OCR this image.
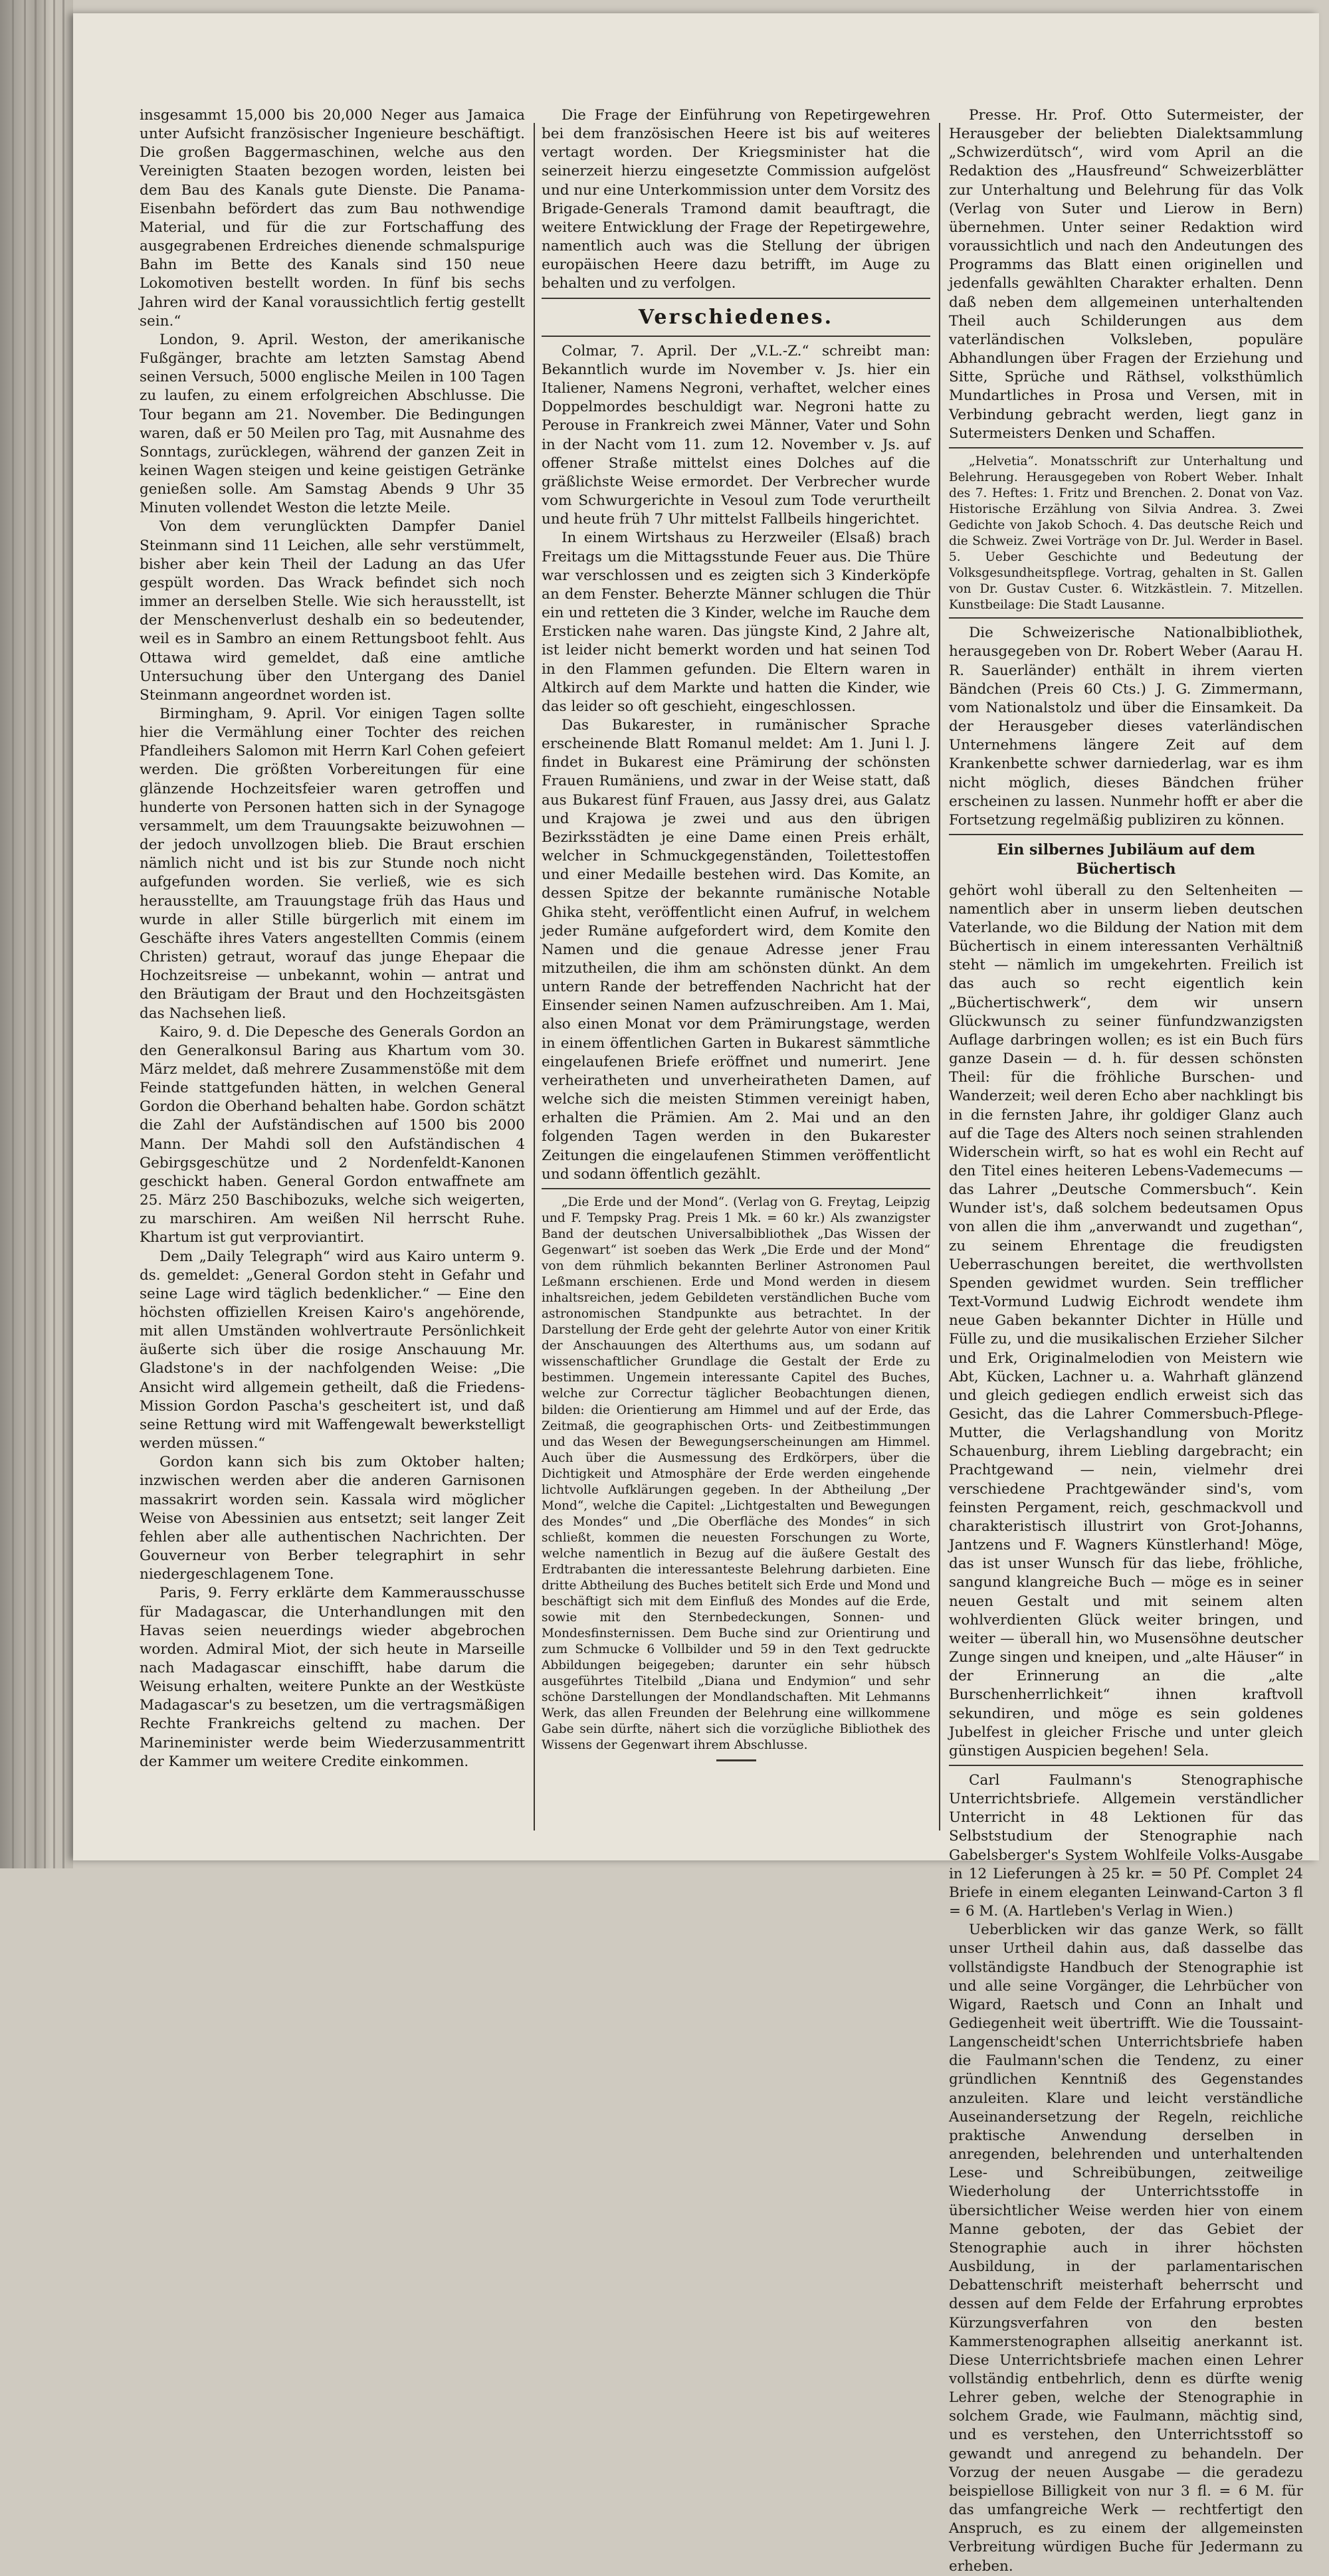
insgesammt 15,000 bis 20,000 Neger aus Jamaica unter Aufsicht französischer Ingenieure beschäftigt. Die großen Baggermaschinen, welche aus den Vereinigten Staaten bezogen worden, leisten bei dem Bau des Kanals gute Dienste. Die Panama-Eisenbahn befördert das zum Bau nothwendige Material, und für die zur Fortschaffung des ausgegrabenen Erdreiches dienende schmalspurige Bahn im Bette des Kanals sind 150 neue Lokomotiven bestellt worden. In fünf bis sechs Jahren wird der Kanal voraussichtlich fertig gestellt sein.“

London, 9. April. Weston, der amerikanische Fußgänger, brachte am letzten Samstag Abend seinen Versuch, 5000 englische Meilen in 100 Tagen zu laufen, zu einem erfolgreichen Abschlusse. Die Tour begann am 21. November. Die Bedingungen waren, daß er 50 Meilen pro Tag, mit Ausnahme des Sonntags, zurücklegen, während der ganzen Zeit in keinen Wagen steigen und keine geistigen Getränke genießen solle. Am Samstag Abends 9 Uhr 35 Minuten vollendet Weston die letzte Meile.

Von dem verunglückten Dampfer Daniel Steinmann sind 11 Leichen, alle sehr verstümmelt, bisher aber kein Theil der Ladung an das Ufer gespült worden. Das Wrack befindet sich noch immer an derselben Stelle. Wie sich herausstellt, ist der Menschenverlust deshalb ein so bedeutender, weil es in Sambro an einem Rettungsboot fehlt. Aus Ottawa wird gemeldet, daß eine amtliche Untersuchung über den Untergang des Daniel Steinmann angeordnet worden ist.

Birmingham, 9. April. Vor einigen Tagen sollte hier die Vermählung einer Tochter des reichen Pfandleihers Salomon mit Herrn Karl Cohen gefeiert werden. Die größten Vorbereitungen für eine glänzende Hochzeitsfeier waren getroffen und hunderte von Personen hatten sich in der Synagoge versammelt, um dem Trauungsakte beizuwohnen — der jedoch unvollzogen blieb. Die Braut erschien nämlich nicht und ist bis zur Stunde noch nicht aufgefunden worden. Sie verließ, wie es sich herausstellte, am Trauungstage früh das Haus und wurde in aller Stille bürgerlich mit einem im Geschäfte ihres Vaters angestellten Commis (einem Christen) getraut, worauf das junge Ehepaar die Hochzeitsreise — unbekannt, wohin — antrat und den Bräutigam der Braut und den Hochzeitsgästen das Nachsehen ließ.

Kairo, 9. d. Die Depesche des Generals Gordon an den Generalkonsul Baring aus Khartum vom 30. März meldet, daß mehrere Zusammenstöße mit dem Feinde stattgefunden hätten, in welchen General Gordon die Oberhand behalten habe. Gordon schätzt die Zahl der Aufständischen auf 1500 bis 2000 Mann. Der Mahdi soll den Aufständischen 4 Gebirgsgeschütze und 2 Nordenfeldt-Kanonen geschickt haben. General Gordon entwaffnete am 25. März 250 Baschibozuks, welche sich weigerten, zu marschiren. Am weißen Nil herrscht Ruhe. Khartum ist gut verproviantirt.

Dem „Daily Telegraph“ wird aus Kairo unterm 9. ds. gemeldet: „General Gordon steht in Gefahr und seine Lage wird täglich bedenklicher.“ — Eine den höchsten offiziellen Kreisen Kairo's angehörende, mit allen Umständen wohlvertraute Persönlichkeit äußerte sich über die rosige Anschauung Mr. Gladstone's in der nachfolgenden Weise: „Die Ansicht wird allgemein getheilt, daß die Friedens-Mission Gordon Pascha's gescheitert ist, und daß seine Rettung wird mit Waffengewalt bewerkstelligt werden müssen.“

Gordon kann sich bis zum Oktober halten; inzwischen werden aber die anderen Garnisonen massakrirt worden sein. Kassala wird möglicher Weise von Abessinien aus entsetzt; seit langer Zeit fehlen aber alle authentischen Nachrichten. Der Gouverneur von Berber telegraphirt in sehr niedergeschlagenem Tone.

Paris, 9. Ferry erklärte dem Kammerausschusse für Madagascar, die Unterhandlungen mit den Havas seien neuerdings wieder abgebrochen worden. Admiral Miot, der sich heute in Marseille nach Madagascar einschifft, habe darum die Weisung erhalten, weitere Punkte an der Westküste Madagascar's zu besetzen, um die vertragsmäßigen Rechte Frankreichs geltend zu machen. Der Marineminister werde beim Wiederzusammentritt der Kammer um weitere Credite einkommen.

Die Frage der Einführung von Repetirgewehren bei dem französischen Heere ist bis auf weiteres vertagt worden. Der Kriegsminister hat die seinerzeit hierzu eingesetzte Commission aufgelöst und nur eine Unterkommission unter dem Vorsitz des Brigade-Generals Tramond damit beauftragt, die weitere Entwicklung der Frage der Repetirgewehre, namentlich auch was die Stellung der übrigen europäischen Heere dazu betrifft, im Auge zu behalten und zu verfolgen.

Verschiedenes.

Colmar, 7. April. Der „V.L.-Z.“ schreibt man: Bekanntlich wurde im November v. Js. hier ein Italiener, Namens Negroni, verhaftet, welcher eines Doppelmordes beschuldigt war. Negroni hatte zu Perouse in Frankreich zwei Männer, Vater und Sohn in der Nacht vom 11. zum 12. November v. Js. auf offener Straße mittelst eines Dolches auf die gräßlichste Weise ermordet. Der Verbrecher wurde vom Schwurgerichte in Vesoul zum Tode verurtheilt und heute früh 7 Uhr mittelst Fallbeils hingerichtet.

In einem Wirtshaus zu Herzweiler (Elsaß) brach Freitags um die Mittagsstunde Feuer aus. Die Thüre war verschlossen und es zeigten sich 3 Kinderköpfe an dem Fenster. Beherzte Männer schlugen die Thür ein und retteten die 3 Kinder, welche im Rauche dem Ersticken nahe waren. Das jüngste Kind, 2 Jahre alt, ist leider nicht bemerkt worden und hat seinen Tod in den Flammen gefunden. Die Eltern waren in Altkirch auf dem Markte und hatten die Kinder, wie das leider so oft geschieht, eingeschlossen.

Das Bukarester, in rumänischer Sprache erscheinende Blatt Romanul meldet: Am 1. Juni l. J. findet in Bukarest eine Prämirung der schönsten Frauen Rumäniens, und zwar in der Weise statt, daß aus Bukarest fünf Frauen, aus Jassy drei, aus Galatz und Krajowa je zwei und aus den übrigen Bezirksstädten je eine Dame einen Preis erhält, welcher in Schmuckgegenständen, Toilettestoffen und einer Medaille bestehen wird. Das Komite, an dessen Spitze der bekannte rumänische Notable Ghika steht, veröffentlicht einen Aufruf, in welchem jeder Rumäne aufgefordert wird, dem Komite den Namen und die genaue Adresse jener Frau mitzutheilen, die ihm am schönsten dünkt. An dem untern Rande der betreffenden Nachricht hat der Einsender seinen Namen aufzuschreiben. Am 1. Mai, also einen Monat vor dem Prämirungstage, werden in einem öffentlichen Garten in Bukarest sämmtliche eingelaufenen Briefe eröffnet und numerirt. Jene verheiratheten und unverheiratheten Damen, auf welche sich die meisten Stimmen vereinigt haben, erhalten die Prämien. Am 2. Mai und an den folgenden Tagen werden in den Bukarester Zeitungen die eingelaufenen Stimmen veröffentlicht und sodann öffentlich gezählt.

„Die Erde und der Mond“. (Verlag von G. Freytag, Leipzig und F. Tempsky Prag. Preis 1 Mk. = 60 kr.) Als zwanzigster Band der deutschen Universalbibliothek „Das Wissen der Gegenwart“ ist soeben das Werk „Die Erde und der Mond“ von dem rühmlich bekannten Berliner Astronomen Paul Leßmann erschienen. Erde und Mond werden in diesem inhaltsreichen, jedem Gebildeten verständlichen Buche vom astronomischen Standpunkte aus betrachtet. In der Darstellung der Erde geht der gelehrte Autor von einer Kritik der Anschauungen des Alterthums aus, um sodann auf wissenschaftlicher Grundlage die Gestalt der Erde zu bestimmen. Ungemein interessante Capitel des Buches, welche zur Correctur täglicher Beobachtungen dienen, bilden: die Orientierung am Himmel und auf der Erde, das Zeitmaß, die geographischen Orts- und Zeitbestimmungen und das Wesen der Bewegungserscheinungen am Himmel. Auch über die Ausmessung des Erdkörpers, über die Dichtigkeit und Atmosphäre der Erde werden eingehende lichtvolle Aufklärungen gegeben. In der Abtheilung „Der Mond“, welche die Capitel: „Lichtgestalten und Bewegungen des Mondes“ und „Die Oberfläche des Mondes“ in sich schließt, kommen die neuesten Forschungen zu Worte, welche namentlich in Bezug auf die äußere Gestalt des Erdtrabanten die interessanteste Belehrung darbieten. Eine dritte Abtheilung des Buches betitelt sich Erde und Mond und beschäftigt sich mit dem Einfluß des Mondes auf die Erde, sowie mit den Sternbedeckungen, Sonnen- und Mondesfinsternissen. Dem Buche sind zur Orientirung und zum Schmucke 6 Vollbilder und 59 in den Text gedruckte Abbildungen beigegeben; darunter ein sehr hübsch ausgeführtes Titelbild „Diana und Endymion“ und sehr schöne Darstellungen der Mondlandschaften. Mit Lehmanns Werk, das allen Freunden der Belehrung eine willkommene Gabe sein dürfte, nähert sich die vorzügliche Bibliothek des Wissens der Gegenwart ihrem Abschlusse.

Presse. Hr. Prof. Otto Sutermeister, der Herausgeber der beliebten Dialektsammlung „Schwizerdütsch“, wird vom April an die Redaktion des „Hausfreund“ Schweizerblätter zur Unterhaltung und Belehrung für das Volk (Verlag von Suter und Lierow in Bern) übernehmen. Unter seiner Redaktion wird voraussichtlich und nach den Andeutungen des Programms das Blatt einen originellen und jedenfalls gewählten Charakter erhalten. Denn daß neben dem allgemeinen unterhaltenden Theil auch Schilderungen aus dem vaterländischen Volksleben, populäre Abhandlungen über Fragen der Erziehung und Sitte, Sprüche und Räthsel, volksthümlich Mundartliches in Prosa und Versen, mit in Verbindung gebracht werden, liegt ganz in Sutermeisters Denken und Schaffen.

„Helvetia“. Monatsschrift zur Unterhaltung und Belehrung. Herausgegeben von Robert Weber. Inhalt des 7. Heftes: 1. Fritz und Brenchen. 2. Donat von Vaz. Historische Erzählung von Silvia Andrea. 3. Zwei Gedichte von Jakob Schoch. 4. Das deutsche Reich und die Schweiz. Zwei Vorträge von Dr. Jul. Werder in Basel. 5. Ueber Geschichte und Bedeutung der Volksgesundheitspflege. Vortrag, gehalten in St. Gallen von Dr. Gustav Custer. 6. Witzkästlein. 7. Mitzellen. Kunstbeilage: Die Stadt Lausanne.

Die Schweizerische Nationalbibliothek, herausgegeben von Dr. Robert Weber (Aarau H. R. Sauerländer) enthält in ihrem vierten Bändchen (Preis 60 Cts.) J. G. Zimmermann, vom Nationalstolz und über die Einsamkeit. Da der Herausgeber dieses vaterländischen Unternehmens längere Zeit auf dem Krankenbette schwer darniederlag, war es ihm nicht möglich, dieses Bändchen früher erscheinen zu lassen. Nunmehr hofft er aber die Fortsetzung regelmäßig publiziren zu können.

Ein silbernes Jubiläum auf dem Büchertisch

gehört wohl überall zu den Seltenheiten — namentlich aber in unserm lieben deutschen Vaterlande, wo die Bildung der Nation mit dem Büchertisch in einem interessanten Verhältniß steht — nämlich im umgekehrten. Freilich ist das auch so recht eigentlich kein „Büchertischwerk“, dem wir unsern Glückwunsch zu seiner fünfundzwanzigsten Auflage darbringen wollen; es ist ein Buch fürs ganze Dasein — d. h. für dessen schönsten Theil: für die fröhliche Burschen- und Wanderzeit; weil deren Echo aber nachklingt bis in die fernsten Jahre, ihr goldiger Glanz auch auf die Tage des Alters noch seinen strahlenden Widerschein wirft, so hat es wohl ein Recht auf den Titel eines heiteren Lebens-Vademecums — das Lahrer „Deutsche Commersbuch“. Kein Wunder ist's, daß solchem bedeutsamen Opus von allen die ihm „anverwandt und zugethan“, zu seinem Ehrentage die freudigsten Ueberraschungen bereitet, die werthvollsten Spenden gewidmet wurden. Sein trefflicher Text-Vormund Ludwig Eichrodt wendete ihm neue Gaben bekannter Dichter in Hülle und Fülle zu, und die musikalischen Erzieher Silcher und Erk, Originalmelodien von Meistern wie Abt, Kücken, Lachner u. a. Wahrhaft glänzend und gleich gediegen endlich erweist sich das Gesicht, das die Lahrer Commersbuch-Pflege-Mutter, die Verlagshandlung von Moritz Schauenburg, ihrem Liebling dargebracht; ein Prachtgewand — nein, vielmehr drei verschiedene Prachtgewänder sind's, vom feinsten Pergament, reich, geschmackvoll und charakteristisch illustrirt von Grot-Johanns, Jantzens und F. Wagners Künstlerhand! Möge, das ist unser Wunsch für das liebe, fröhliche, sangund klangreiche Buch — möge es in seiner neuen Gestalt und mit seinem alten wohlverdienten Glück weiter bringen, und weiter — überall hin, wo Musensöhne deutscher Zunge singen und kneipen, und „alte Häuser“ in der Erinnerung an die „alte Burschenherrlichkeit“ ihnen kraftvoll sekundiren, und möge es sein goldenes Jubelfest in gleicher Frische und unter gleich günstigen Auspicien begehen! Sela.

Carl Faulmann's Stenographische Unterrichtsbriefe. Allgemein verständlicher Unterricht in 48 Lektionen für das Selbststudium der Stenographie nach Gabelsberger's System Wohlfeile Volks-Ausgabe in 12 Lieferungen à 25 kr. = 50 Pf. Complet 24 Briefe in einem eleganten Leinwand-Carton 3 fl = 6 M. (A. Hartleben's Verlag in Wien.)

Ueberblicken wir das ganze Werk, so fällt unser Urtheil dahin aus, daß dasselbe das vollständigste Handbuch der Stenographie ist und alle seine Vorgänger, die Lehrbücher von Wigard, Raetsch und Conn an Inhalt und Gediegenheit weit übertrifft. Wie die Toussaint-Langenscheidt'schen Unterrichtsbriefe haben die Faulmann'schen die Tendenz, zu einer gründlichen Kenntniß des Gegenstandes anzuleiten. Klare und leicht verständliche Auseinandersetzung der Regeln, reichliche praktische Anwendung derselben in anregenden, belehrenden und unterhaltenden Lese- und Schreibübungen, zeitweilige Wiederholung der Unterrichtsstoffe in übersichtlicher Weise werden hier von einem Manne geboten, der das Gebiet der Stenographie auch in ihrer höchsten Ausbildung, in der parlamentarischen Debattenschrift meisterhaft beherrscht und dessen auf dem Felde der Erfahrung erprobtes Kürzungsverfahren von den besten Kammerstenographen allseitig anerkannt ist. Diese Unterrichtsbriefe machen einen Lehrer vollständig entbehrlich, denn es dürfte wenig Lehrer geben, welche der Stenographie in solchem Grade, wie Faulmann, mächtig sind, und es verstehen, den Unterrichtsstoff so gewandt und anregend zu behandeln. Der Vorzug der neuen Ausgabe — die geradezu beispiellose Billigkeit von nur 3 fl. = 6 M. für das umfangreiche Werk — rechtfertigt den Anspruch, es zu einem der allgemeinsten Verbreitung würdigen Buche für Jedermann zu erheben.
